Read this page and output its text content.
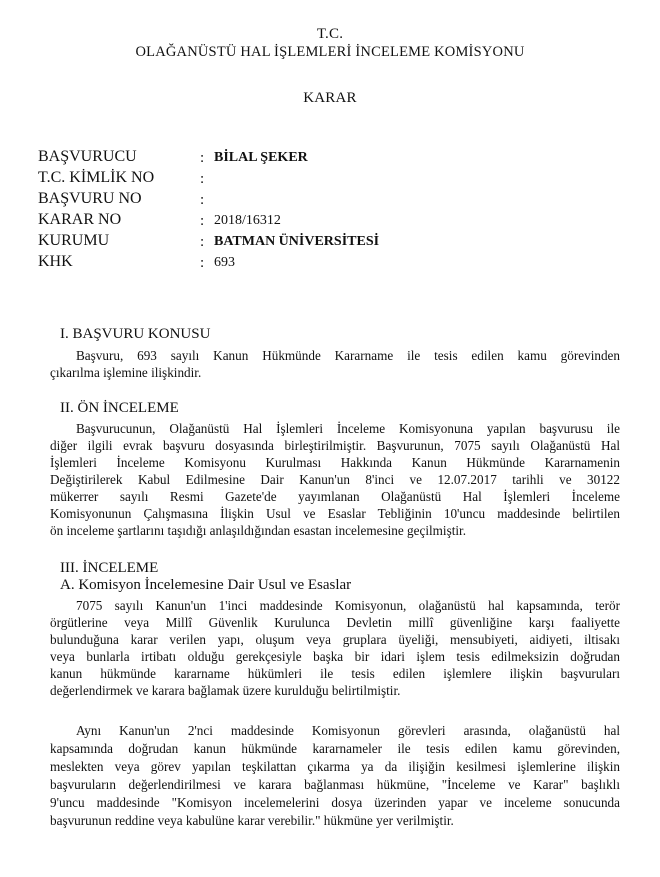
T.C.
OLAĞANÜSTÜ HAL İŞLEMLERİ İNCELEME KOMİSYONU
KARAR
BAŞVURUCU	: BİLAL ŞEKER
T.C. KİMLİK NO	:
BAŞVURU NO	:
KARAR NO	: 2018/16312
KURUMU	: BATMAN ÜNİVERSİTESİ
KHK	: 693
I. BAŞVURU KONUSU
Başvuru, 693 sayılı Kanun Hükmünde Kararname ile tesis edilen kamu görevinden
çıkarılma işlemine ilişkindir.
II. ÖN İNCELEME
Başvurucunun, Olağanüstü Hal İşlemleri İnceleme Komisyonuna yapılan başvurusu ile
diğer ilgili evrak başvuru dosyasında birleştirilmiştir. Başvurunun, 7075 sayılı Olağanüstü Hal
İşlemleri İnceleme Komisyonu Kurulması Hakkında Kanun Hükmünde Kararnamenin
Değiştirilerek Kabul Edilmesine Dair Kanun'un 8'inci ve 12.07.2017 tarihli ve 30122
mükerrer sayılı Resmi Gazete'de yayımlanan Olağanüstü Hal İşlemleri İnceleme
Komisyonunun Çalışmasına İlişkin Usul ve Esaslar Tebliğinin 10'uncu maddesinde belirtilen
ön inceleme şartlarını taşıdığı anlaşıldığından esastan incelemesine geçilmiştir.
III. İNCELEME
A. Komisyon İncelemesine Dair Usul ve Esaslar
7075 sayılı Kanun'un 1'inci maddesinde Komisyonun, olağanüstü hal kapsamında, terör
örgütlerine veya Millî Güvenlik Kurulunca Devletin millî güvenliğine karşı faaliyette
bulunduğuna karar verilen yapı, oluşum veya gruplara üyeliği, mensubiyeti, aidiyeti, iltisakı
veya bunlarla irtibatı olduğu gerekçesiyle başka bir idari işlem tesis edilmeksizin doğrudan
kanun hükmünde kararname hükümleri ile tesis edilen işlemlere ilişkin başvuruları
değerlendirmek ve karara bağlamak üzere kurulduğu belirtilmiştir.
Aynı Kanun'un 2'nci maddesinde Komisyonun görevleri arasında, olağanüstü hal
kapsamında doğrudan kanun hükmünde kararnameler ile tesis edilen kamu görevinden,
meslekten veya görev yapılan teşkilattan çıkarma ya da ilişiğin kesilmesi işlemlerine ilişkin
başvuruların değerlendirilmesi ve karara bağlanması hükmüne, "İnceleme ve Karar" başlıklı
9'uncu maddesinde "Komisyon incelemelerini dosya üzerinden yapar ve inceleme sonucunda
başvurunun reddine veya kabulüne karar verebilir." hükmüne yer verilmiştir.
